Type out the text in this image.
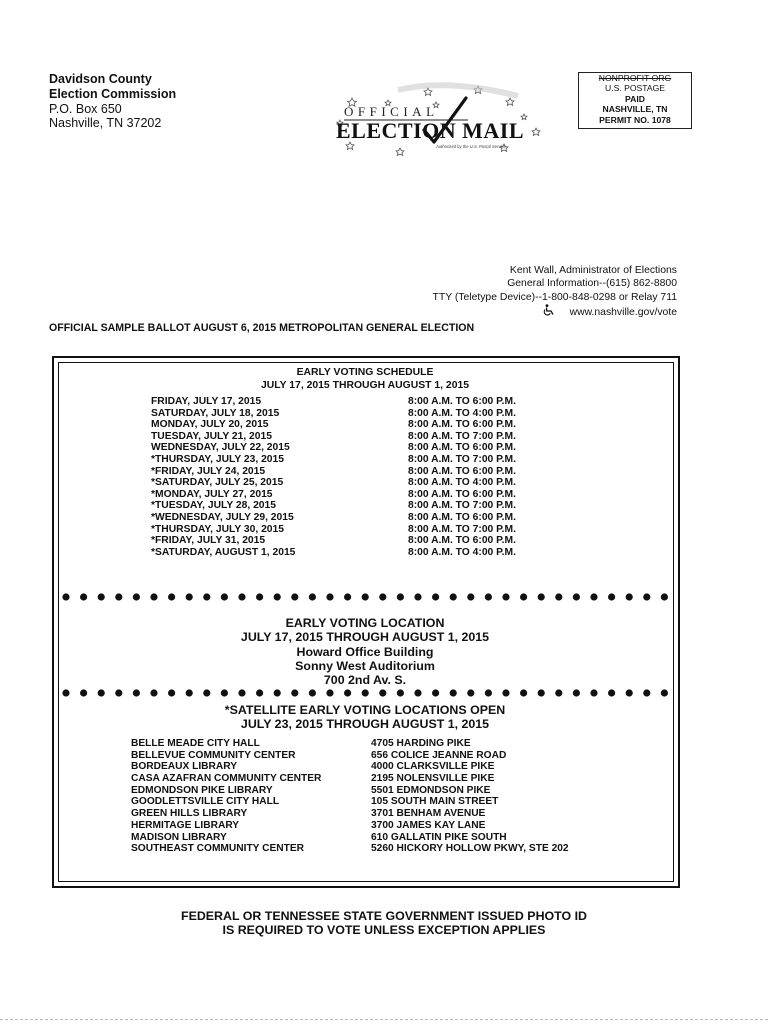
Davidson County
Election Commission
P.O. Box 650
Nashville, TN 37202
OFFICIAL
ELECTION MAIL
Authorized by the U.S. Postal Service
NONPROFIT ORG
U.S. POSTAGE
PAID
NASHVILLE, TN
PERMIT NO. 1078
Kent Wall, Administrator of Elections
General Information--(615) 862-8800
TTY (Teletype Device)--1-800-848-0298 or Relay 711
www.nashville.gov/vote
OFFICIAL SAMPLE BALLOT AUGUST 6, 2015 METROPOLITAN GENERAL ELECTION
EARLY VOTING SCHEDULE
JULY 17, 2015 THROUGH AUGUST 1, 2015
FRIDAY, JULY 17, 2015
SATURDAY, JULY 18, 2015
MONDAY, JULY 20, 2015
TUESDAY, JULY 21, 2015
WEDNESDAY, JULY 22, 2015
*THURSDAY, JULY 23, 2015
*FRIDAY, JULY 24, 2015
*SATURDAY, JULY 25, 2015
*MONDAY, JULY 27, 2015
*TUESDAY, JULY 28, 2015
*WEDNESDAY, JULY 29, 2015
*THURSDAY, JULY 30, 2015
*FRIDAY, JULY 31, 2015
*SATURDAY, AUGUST 1, 2015
8:00 A.M. TO 6:00 P.M.
8:00 A.M. TO 4:00 P.M.
8:00 A.M. TO 6:00 P.M.
8:00 A.M. TO 7:00 P.M.
8:00 A.M. TO 6:00 P.M.
8:00 A.M. TO 7:00 P.M.
8:00 A.M. TO 6:00 P.M.
8:00 A.M. TO 4:00 P.M.
8:00 A.M. TO 6:00 P.M.
8:00 A.M. TO 7:00 P.M.
8:00 A.M. TO 6:00 P.M.
8:00 A.M. TO 7:00 P.M.
8:00 A.M. TO 6:00 P.M.
8:00 A.M. TO 4:00 P.M.
EARLY VOTING LOCATION
JULY 17, 2015 THROUGH AUGUST 1, 2015
Howard Office Building
Sonny West Auditorium
700 2nd Av. S.
*SATELLITE EARLY VOTING LOCATIONS OPEN
JULY 23, 2015 THROUGH AUGUST 1, 2015
BELLE MEADE CITY HALL
BELLEVUE COMMUNITY CENTER
BORDEAUX LIBRARY
CASA AZAFRAN COMMUNITY CENTER
EDMONDSON PIKE LIBRARY
GOODLETTSVILLE CITY HALL
GREEN HILLS LIBRARY
HERMITAGE LIBRARY
MADISON LIBRARY
SOUTHEAST COMMUNITY CENTER
4705 HARDING PIKE
656 COLICE JEANNE ROAD
4000 CLARKSVILLE PIKE
2195 NOLENSVILLE PIKE
5501 EDMONDSON PIKE
105 SOUTH MAIN STREET
3701 BENHAM AVENUE
3700 JAMES KAY LANE
610 GALLATIN PIKE SOUTH
5260 HICKORY HOLLOW PKWY, STE 202
FEDERAL OR TENNESSEE STATE GOVERNMENT ISSUED PHOTO ID
IS REQUIRED TO VOTE UNLESS EXCEPTION APPLIES
